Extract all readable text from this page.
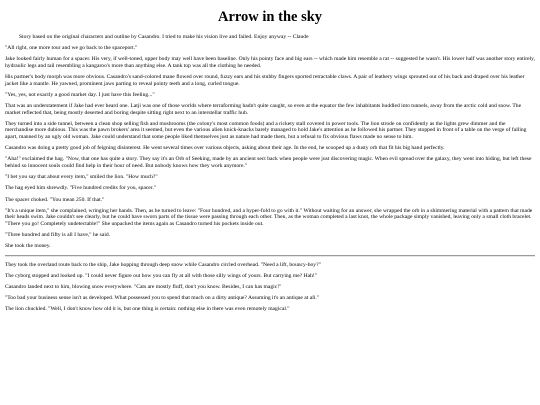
Arrow in the sky

Story based on the original characters and outline by Casandro. I tried to make his vision live and failed. Enjoy anyway -- Claude

"All right, one more tour and we go back to the spaceport."

Jake looked fairly human for a spacer. His very, if well-toned, upper body may well have been baseline. Only his pointy face and big ears -- which made him resemble a rat -- suggested he wasn't. His lower half was another story entirely, hydraulic legs and tail resembling a kangaroo's more than anything else. A tank top was all the clothing he needed.

His partner's body morph was more obvious. Casandro's sand-colored mane flowed over round, fuzzy ears and his stubby fingers sported retractable claws. A pair of leathery wings sprouted out of his back and draped over his leather jacket like a mantle. He yawned, prominent jaws parting to reveal pointy teeth and a long, curled tongue.

"Yes, yes, not exactly a good market day. I just have this feeling..."

That was an understatement if Jake had ever heard one. Latji was one of those worlds where terraforming hadn't quite caught, so even at the equator the few inhabitants huddled into tunnels, away from the arctic cold and snow. The market reflected that, being mostly deserted and boring despite sitting right next to an interstellar traffic hub.

They turned into a side tunnel, between a clean shop selling fish and mushrooms (the colony's most common foods) and a rickety stall covered in power tools. The lion strode on confidently as the lights grew dimmer and the merchandise more dubious. This was the pawn brokers' area it seemed, but even the various alien knick-knacks barely managed to hold Jake's attention as he followed his partner. They stopped in front of a table on the verge of falling apart, manned by an ugly old woman. Jake could understand that some people liked themselves just as nature had made them, but a refusal to fix obvious flaws made no sense to him.

Casandro was doing a pretty good job of feigning disinterest. He went several times over various objects, asking about their age. In the end, he scooped up a dusty orb that fit his big hand perfectly.

"Aha!" exclaimed the hag. "Now, that one has quite a story. They say it's an Orb of Seeking, made by an ancient sect back when people were just discovering magic. When evil spread over the galaxy, they went into hiding, but left these behind so innocent souls could find help in their hour of need. But nobody knows how they work anymore."

"I bet you say that about every item," smiled the lion. "How much?"

The hag eyed him shrewdly. "Five hundred credits for you, spacer."

The spacer choked. "You mean 250. If that."

"It's a unique item," she complained, wringing her hands. Then, as he turned to leave: "Four hundred, and a hyper-fold to go with it." Without waiting for an answer, she wrapped the orb in a shimmering material with a pattern that made their heads swim. Jake couldn't see clearly, but he could have sworn parts of the tissue were passing through each other. Then, as the woman completed a last knot, the whole package simply vanished, leaving only a small cloth bracelet. "There you go! Completely undetectable!" She unpacked the items again as Casandro turned his pockets inside out.

"Three hundred and fifty is all I have," he said.

She took the money.

They took the overland route back to the ship, Jake hopping through deep snow while Casandro circled overhead. "Need a lift, bouncy-boy?"

The cyborg stopped and looked up. "I could never figure out how you can fly at all with those silly wings of yours. But carrying me? Hah!"

Casandro landed next to him, blowing snow everywhere. "Cats are mostly fluff, don't you know. Besides, I can has magic!"

"Too bad your business sense isn't as developed. What possessed you to spend that much on a dirty antique? Assuming it's an antique at all."

The lion chuckled. "Well, I don't know how old it is, but one thing is certain: nothing else in there was even remotely magical."
